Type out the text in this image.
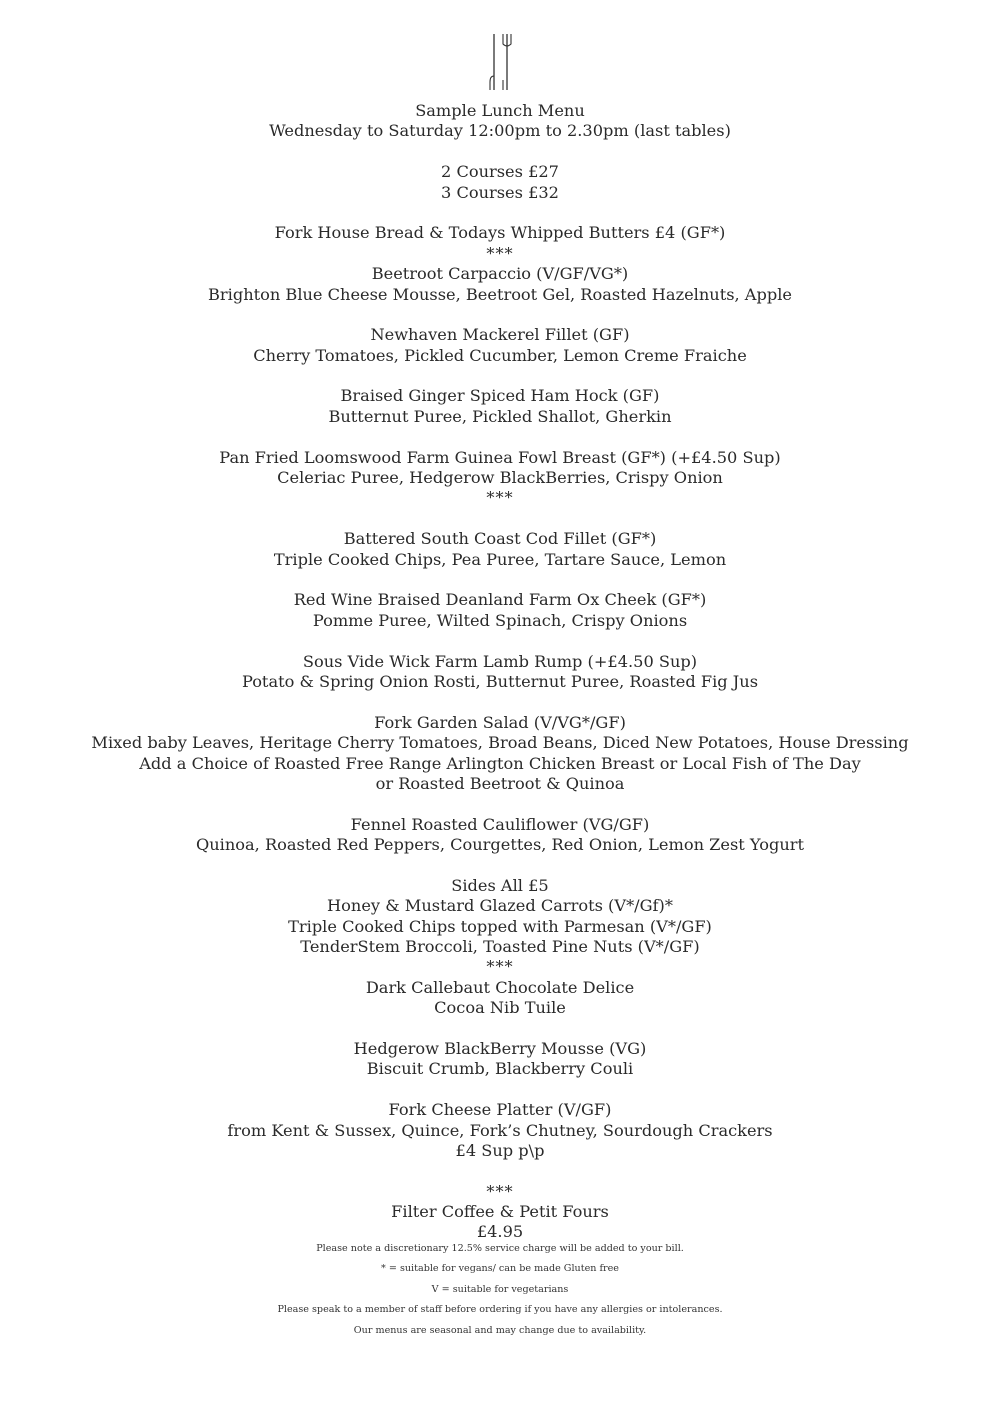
Sample Lunch Menu
Wednesday to Saturday 12:00pm to 2.30pm (last tables)
2 Courses £27
3 Courses £32
Fork House Bread & Todays Whipped Butters £4 (GF*)
***
Beetroot Carpaccio (V/GF/VG*)
Brighton Blue Cheese Mousse, Beetroot Gel, Roasted Hazelnuts, Apple
Newhaven Mackerel Fillet (GF)
Cherry Tomatoes, Pickled Cucumber, Lemon Creme Fraiche
Braised Ginger Spiced Ham Hock (GF)
Butternut Puree, Pickled Shallot, Gherkin
Pan Fried Loomswood Farm Guinea Fowl Breast (GF*) (+£4.50 Sup)
Celeriac Puree, Hedgerow BlackBerries, Crispy Onion
***
Battered South Coast Cod Fillet (GF*)
Triple Cooked Chips, Pea Puree, Tartare Sauce, Lemon
Red Wine Braised Deanland Farm Ox Cheek (GF*)
Pomme Puree, Wilted Spinach, Crispy Onions
Sous Vide Wick Farm Lamb Rump (+£4.50 Sup)
Potato & Spring Onion Rosti, Butternut Puree, Roasted Fig Jus
Fork Garden Salad (V/VG*/GF)
Mixed baby Leaves, Heritage Cherry Tomatoes, Broad Beans, Diced New Potatoes, House Dressing
Add a Choice of Roasted Free Range Arlington Chicken Breast or Local Fish of The Day
or Roasted Beetroot & Quinoa
Fennel Roasted Cauliflower (VG/GF)
Quinoa, Roasted Red Peppers, Courgettes, Red Onion, Lemon Zest Yogurt
Sides All £5
Honey & Mustard Glazed Carrots (V*/Gf)*
Triple Cooked Chips topped with Parmesan (V*/GF)
TenderStem Broccoli, Toasted Pine Nuts (V*/GF)
***
Dark Callebaut Chocolate Delice
Cocoa Nib Tuile
Hedgerow BlackBerry Mousse (VG)
Biscuit Crumb, Blackberry Couli
Fork Cheese Platter (V/GF)
from Kent & Sussex, Quince, Fork’s Chutney, Sourdough Crackers
£4 Sup p\p
***
Filter Coffee & Petit Fours
£4.95
Please note a discretionary 12.5% service charge will be added to your bill.
* = suitable for vegans/ can be made Gluten free
V = suitable for vegetarians
Please speak to a member of staff before ordering if you have any allergies or intolerances.
Our menus are seasonal and may change due to availability.
